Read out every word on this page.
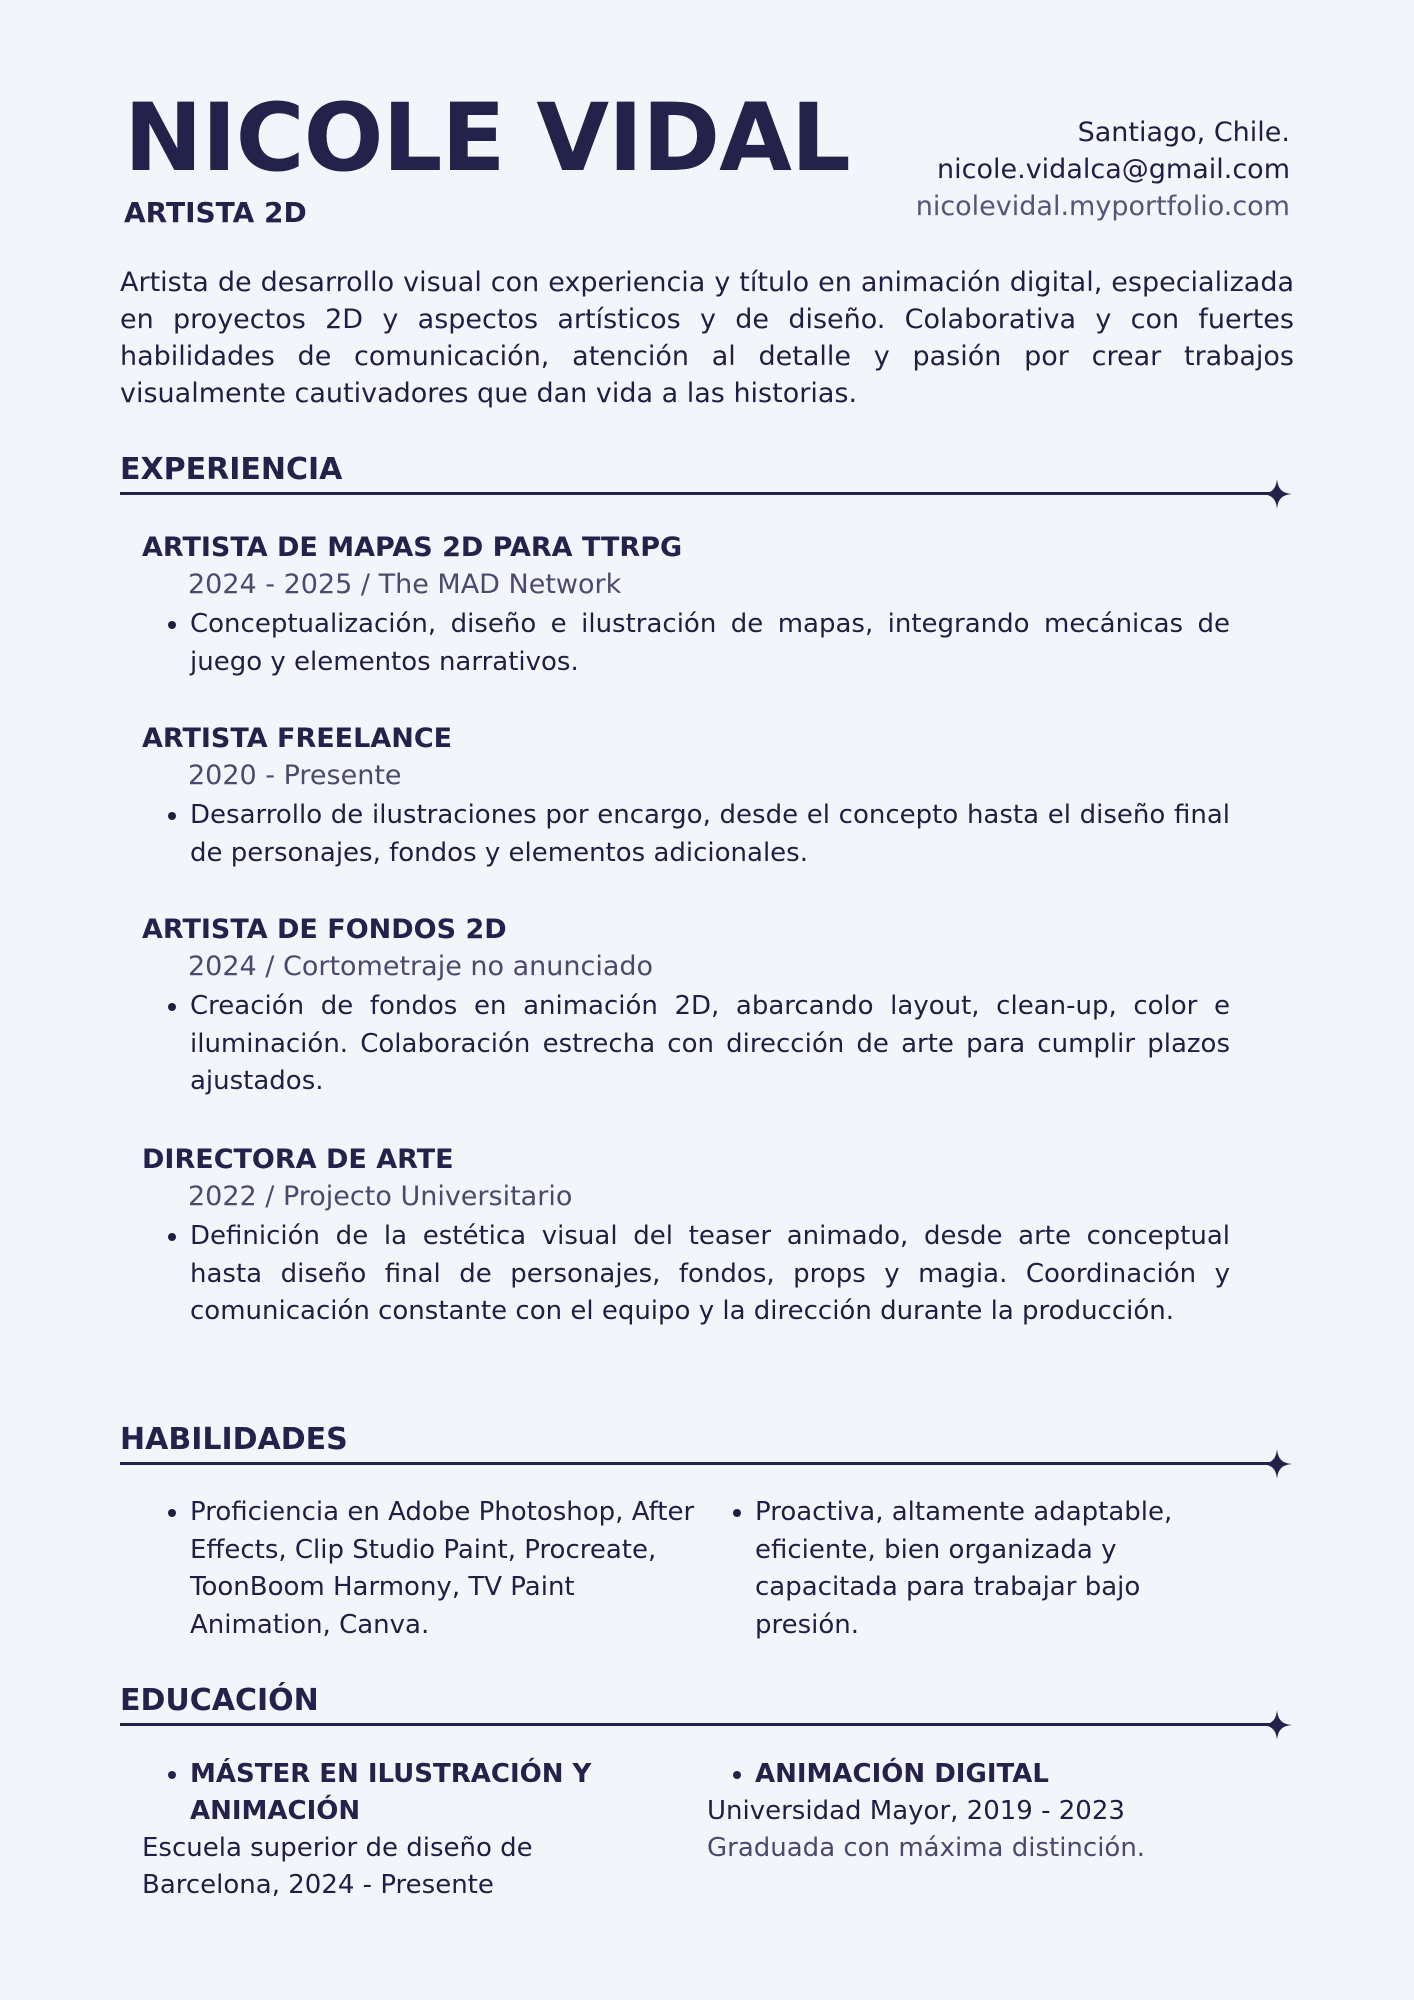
NICOLE VIDAL
ARTISTA 2D
Santiago, Chile.
nicole.vidalca@gmail.com
nicolevidal.myportfolio.com

Artista de desarrollo visual con experiencia y título en animación digital, especializada en proyectos 2D y aspectos artísticos y de diseño. Colaborativa y con fuertes habilidades de comunicación, atención al detalle y pasión por crear trabajos visualmente cautivadores que dan vida a las historias.

EXPERIENCIA

ARTISTA DE MAPAS 2D PARA TTRPG

2024 - 2025 / The MAD Network

• Conceptualización, diseño e ilustración de mapas, integrando mecánicas de juego y elementos narrativos.

ARTISTA FREELANCE

2020 - Presente

• Desarrollo de ilustraciones por encargo, desde el concepto hasta el diseño final de personajes, fondos y elementos adicionales.

ARTISTA DE FONDOS 2D

2024 / Cortometraje no anunciado

• Creación de fondos en animación 2D, abarcando layout, clean-up, color e iluminación. Colaboración estrecha con dirección de arte para cumplir plazos ajustados.

DIRECTORA DE ARTE

2022 / Projecto Universitario

• Definición de la estética visual del teaser animado, desde arte conceptual hasta diseño final de personajes, fondos, props y magia. Coordinación y comunicación constante con el equipo y la dirección durante la producción.
HABILIDADES
• Proficiencia en Adobe Photoshop, After Effects, Clip Studio Paint, Procreate, ToonBoom Harmony, TV Paint Animation, Canva.
• Proactiva, altamente adaptable, eficiente, bien organizada y capacitada para trabajar bajo presión.
EDUCACIÓN
• MÁSTER EN ILUSTRACIÓN Y ANIMACIÓN

Escuela superior de diseño de Barcelona, 2024 - Presente

• ANIMACIÓN DIGITAL

Universidad Mayor, 2019 - 2023

Graduada con máxima distinción.
